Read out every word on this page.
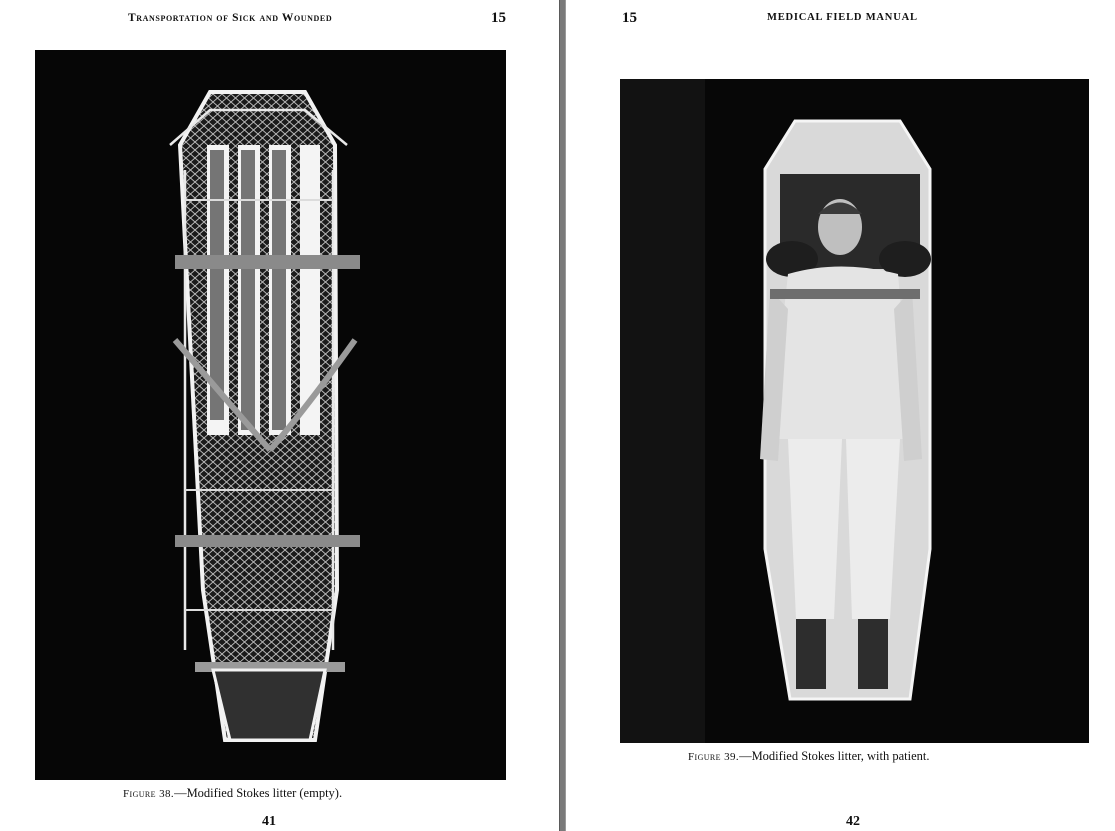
Transportation of Sick and Wounded	15
Figure 38.—Modified Stokes litter (empty).
41
15	MEDICAL FIELD MANUAL
Figure 39.—Modified Stokes litter, with patient.
42
